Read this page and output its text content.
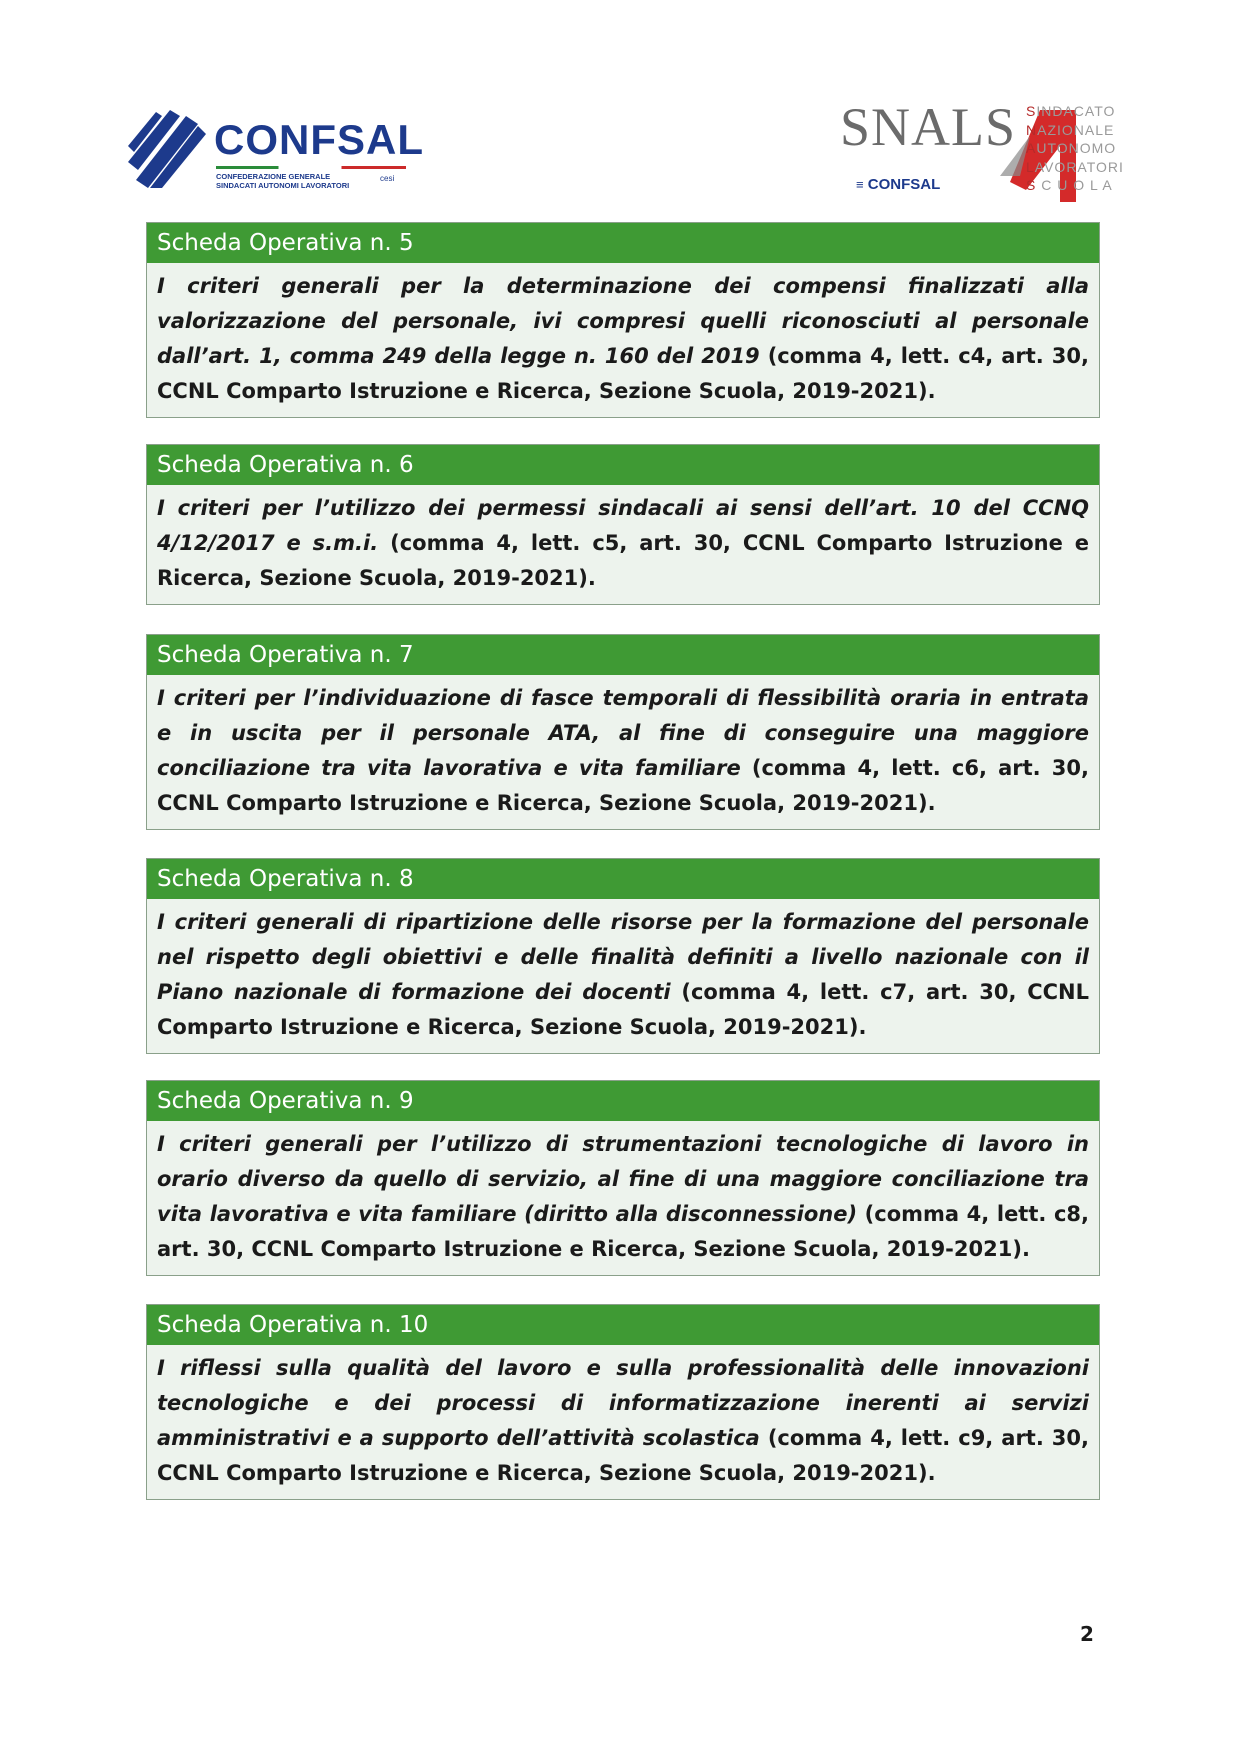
CONFSAL
CONFEDERAZIONE GENERALE
SINDACATI AUTONOMI LAVORATORI
cesi
SNALS
≡ CONFSAL
SINDACATO
NAZIONALE
AUTONOMO
LAVORATORI
S C U O L A
Scheda Operativa n. 5
I criteri generali per la determinazione dei compensi finalizzati alla valorizzazione del personale, ivi compresi quelli riconosciuti al personale dall’art. 1, comma 249 della legge n. 160 del 2019 (comma 4, lett. c4, art. 30, CCNL Comparto Istruzione e Ricerca, Sezione Scuola, 2019-2021).
Scheda Operativa n. 6
I criteri per l’utilizzo dei permessi sindacali ai sensi dell’art. 10 del CCNQ 4/12/2017 e s.m.i. (comma 4, lett. c5, art. 30, CCNL Comparto Istruzione e Ricerca, Sezione Scuola, 2019-2021).
Scheda Operativa n. 7
I criteri per l’individuazione di fasce temporali di flessibilità oraria in entrata e in uscita per il personale ATA, al fine di conseguire una maggiore conciliazione tra vita lavorativa e vita familiare (comma 4, lett. c6, art. 30, CCNL Comparto Istruzione e Ricerca, Sezione Scuola, 2019-2021).
Scheda Operativa n. 8
I criteri generali di ripartizione delle risorse per la formazione del personale nel rispetto degli obiettivi e delle finalità definiti a livello nazionale con il Piano nazionale di formazione dei docenti (comma 4, lett. c7, art. 30, CCNL Comparto Istruzione e Ricerca, Sezione Scuola, 2019-2021).
Scheda Operativa n. 9
I criteri generali per l’utilizzo di strumentazioni tecnologiche di lavoro in orario diverso da quello di servizio, al fine di una maggiore conciliazione tra vita lavorativa e vita familiare (diritto alla disconnessione) (comma 4, lett. c8, art. 30, CCNL Comparto Istruzione e Ricerca, Sezione Scuola, 2019-2021).
Scheda Operativa n. 10
I riflessi sulla qualità del lavoro e sulla professionalità delle innovazioni tecnologiche e dei processi di informatizzazione inerenti ai servizi amministrativi e a supporto dell’attività scolastica (comma 4, lett. c9, art. 30, CCNL Comparto Istruzione e Ricerca, Sezione Scuola, 2019-2021).
2
